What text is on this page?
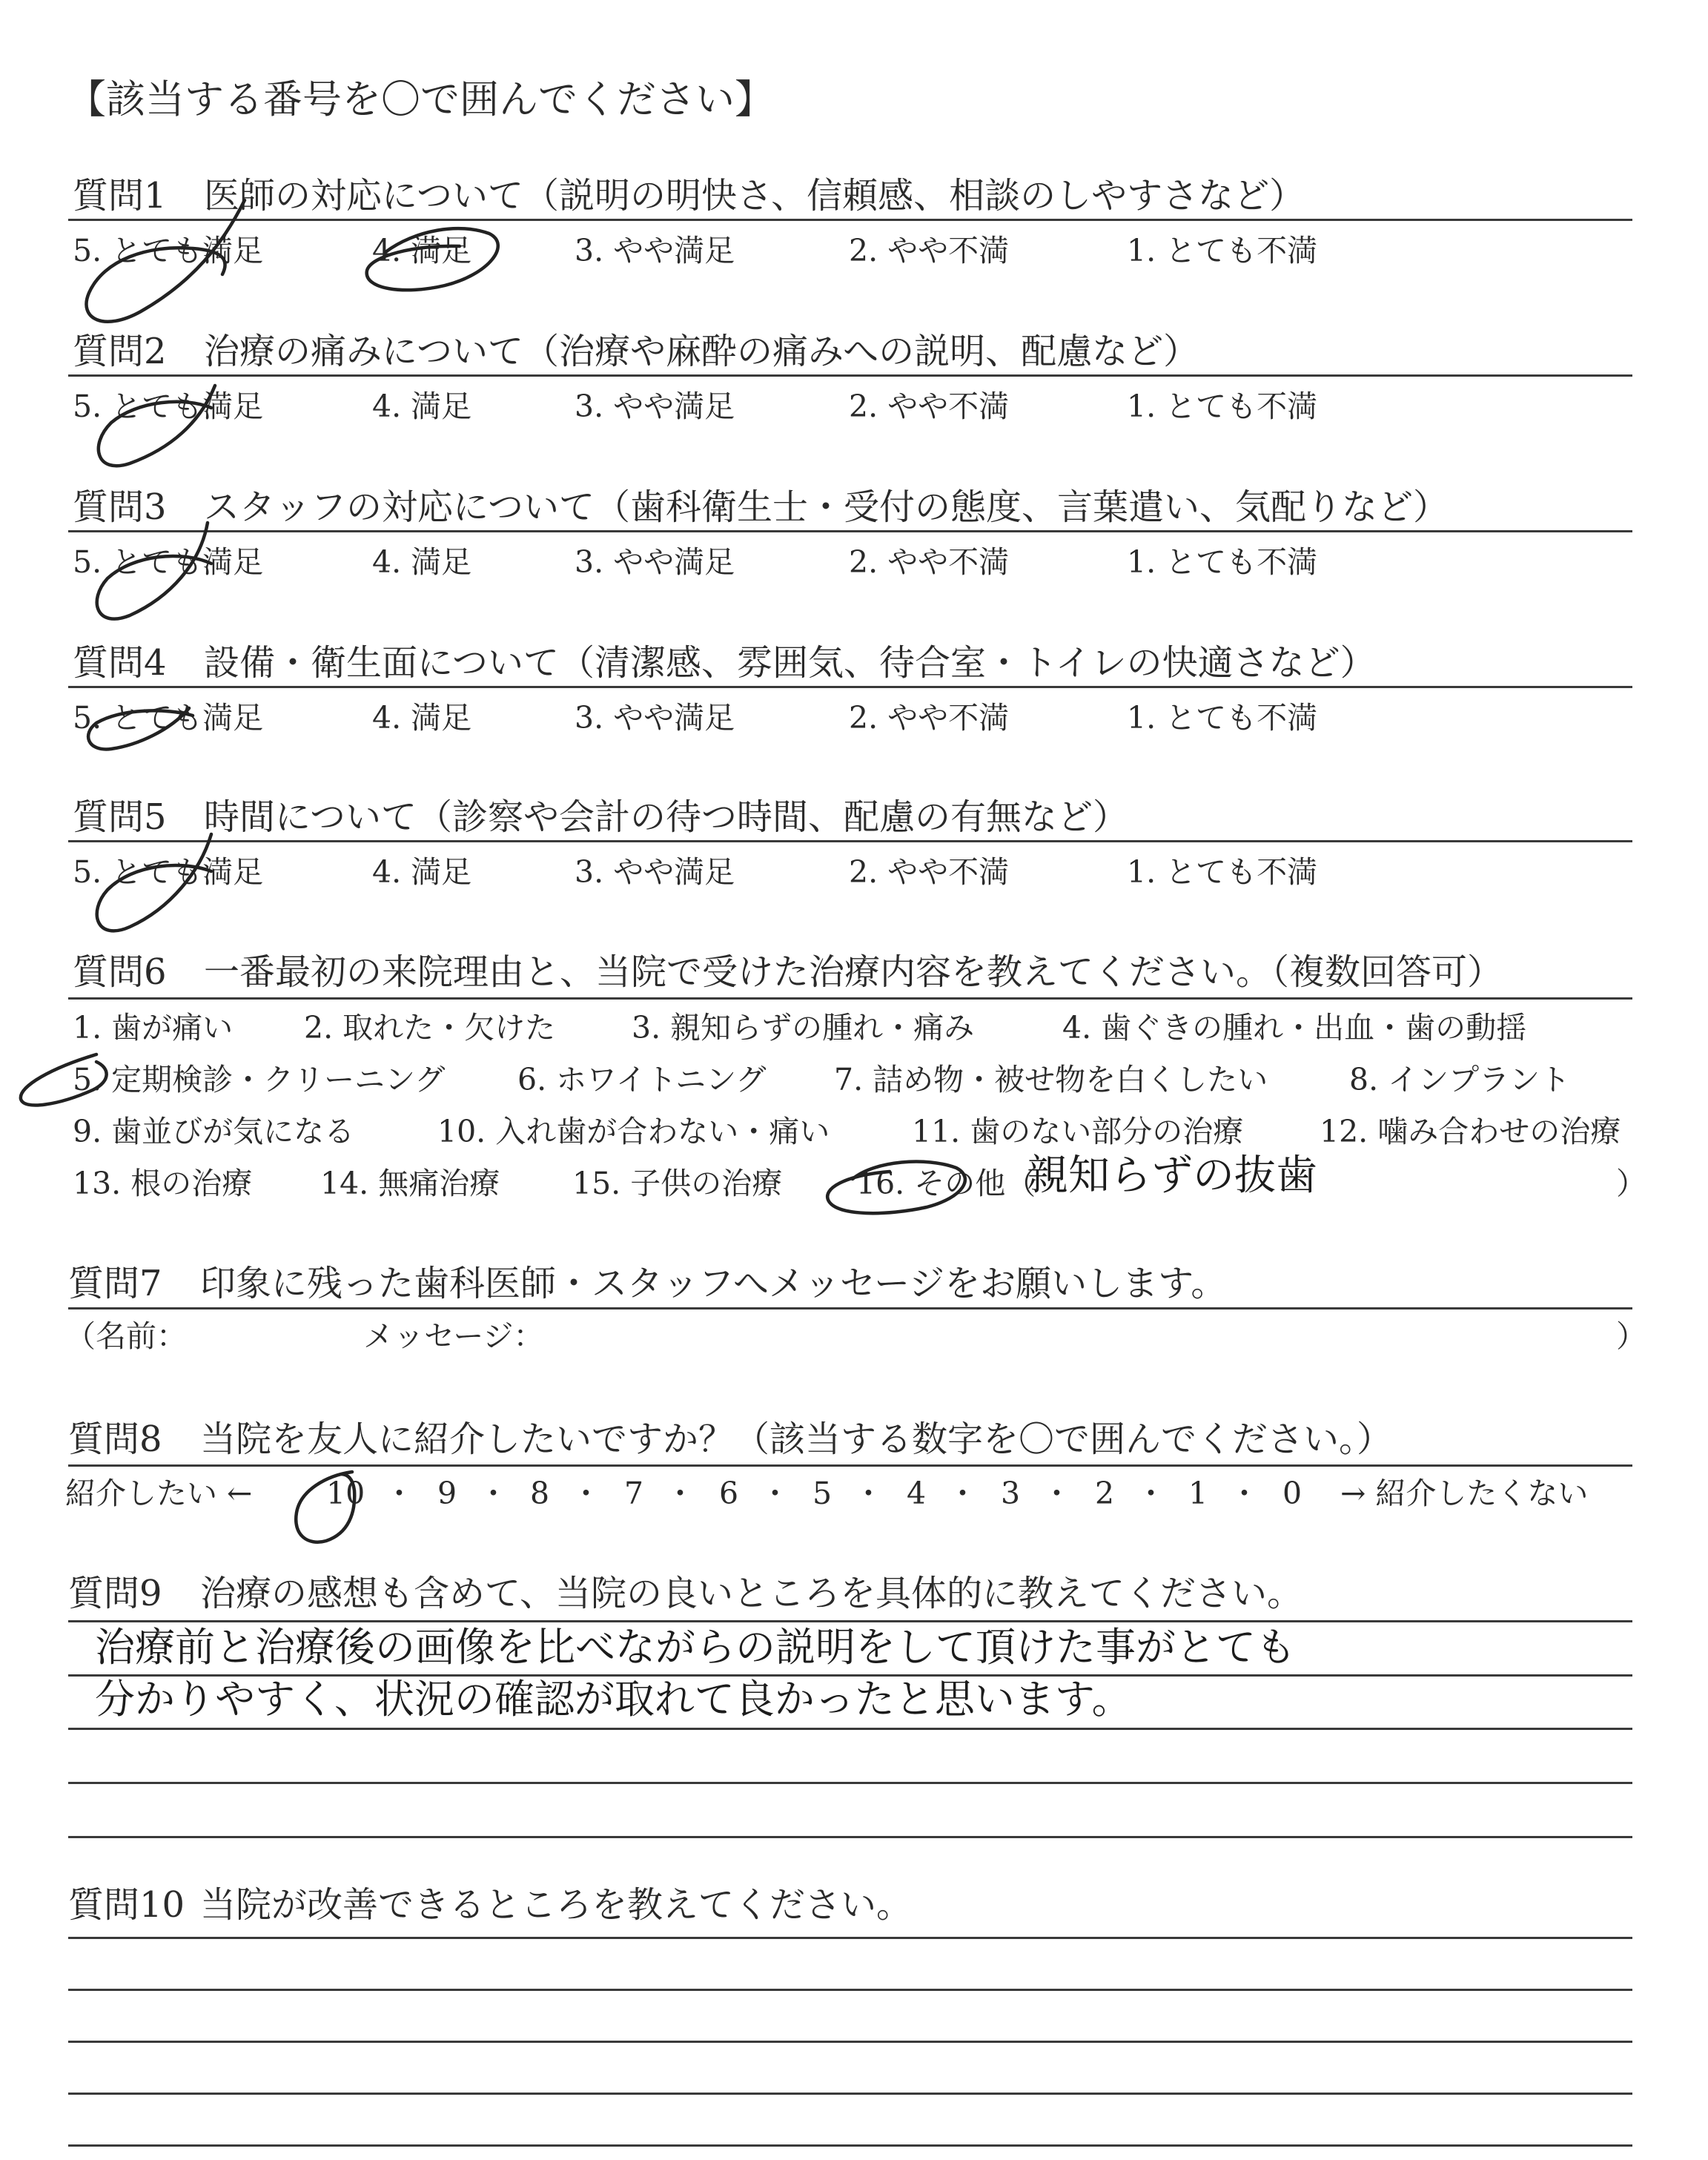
【該当する番号を〇で囲んでください】
質問1 医師の対応について（説明の明快さ、信頼感、相談のしやすさなど）
5. とても満足	4. 満足	3. やや満足	2. やや不満	1. とても不満
質問2 治療の痛みについて（治療や麻酔の痛みへの説明、配慮など）
5. とても満足	4. 満足	3. やや満足	2. やや不満	1. とても不満
質問3 スタッフの対応について（歯科衛生士・受付の態度、言葉遣い、気配りなど）
5. とても満足	4. 満足	3. やや満足	2. やや不満	1. とても不満
質問4 設備・衛生面について（清潔感、雰囲気、待合室・トイレの快適さなど）
5. とても満足	4. 満足	3. やや満足	2. やや不満	1. とても不満
質問5 時間について（診察や会計の待つ時間、配慮の有無など）
5. とても満足	4. 満足	3. やや満足	2. やや不満	1. とても不満
質問6 一番最初の来院理由と、当院で受けた治療内容を教えてください。（複数回答可）
1. 歯が痛い 2. 取れた・欠けた	3. 親知らずの腫れ・痛み	4. 歯ぐきの腫れ・出血・歯の動揺
5. 定期検診・クリーニング 6. ホワイトニング 7. 詰め物・被せ物を白くしたい	8. インプラント
9. 歯並びが気になる	10. 入れ歯が合わない・痛い	11. 歯のない部分の治療	12. 噛み合わせの治療
13. 根の治療 14. 無痛治療 15. 子供の治療 16. その他（
親知らずの抜歯	）
質問7 印象に残った歯科医師・スタッフへメッセージをお願いします。
（名前：	メッセージ：	）
質問8 当院を友人に紹介したいですか？（該当する数字を〇で囲んでください。）
紹介したい ← 10 ・ 9 ・ 8 ・ 7 ・ 6 ・ 5 ・ 4 ・ 3 ・ 2 ・ 1 ・ 0 → 紹介したくない
質問9 治療の感想も含めて、当院の良いところを具体的に教えてください。
治療前と治療後の画像を比べながらの説明をして頂けた事がとても
分かりやすく、状況の確認が取れて良かったと思います。
質問10 当院が改善できるところを教えてください。
